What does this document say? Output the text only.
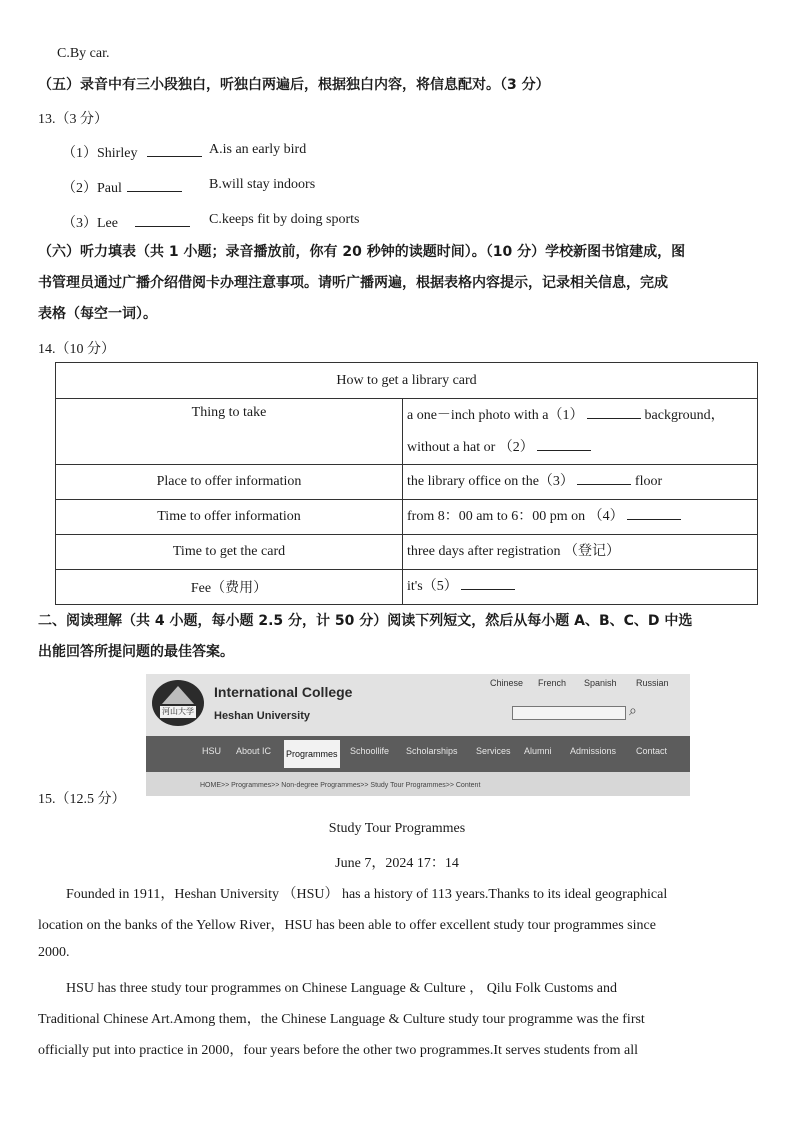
C.By car.
（五）录音中有三小段独白，听独白两遍后，根据独白内容，将信息配对。（3 分）
13.（3 分）
（1）Shirley	A.is an early bird
（2）Paul	B.will stay indoors
（3）Lee	C.keeps fit by doing sports
（六）听力填表（共 1 小题；录音播放前，你有 20 秒钟的读题时间）。（10 分）学校新图书馆建成，图
书管理员通过广播介绍借阅卡办理注意事项。请听广播两遍，根据表格内容提示，记录相关信息，完成
表格（每空一词）。
14.（10 分）
How to get a library card	
Thing to take	a one－inch photo with a（1） background，
without a hat or （2）

Place to offer information	the library office on the（3） floor
Time to offer information	from 8：00 am to 6：00 pm on （4）
Time to get the card	three days after registration （登记）
Fee（费用）	it's（5）
二、阅读理解（共 4 小题，每小题 2.5 分，计 50 分）阅读下列短文，然后从每小题 A、B、C、D 中选
出能回答所提问题的最佳答案。
15.（12.5 分）
河山大学
International College
Heshan University
Chinese French Spanish Russian
⌕
HSU About IC Programmes Schoollife Scholarships Services Alumni Admissions Contact
HOME>> Programmes>> Non-degree Programmes>> Study Tour Programmes>> Content
Study Tour Programmes
June 7，2024 17：14
Founded in 1911，Heshan University （HSU） has a history of 113 years.Thanks to its ideal geographical
location on the banks of the Yellow River，HSU has been able to offer excellent study tour programmes since
2000.
HSU has three study tour programmes on Chinese Language & Culture ， Qilu Folk Customs and
Traditional Chinese Art.Among them，the Chinese Language & Culture study tour programme was the first
officially put into practice in 2000，four years before the other two programmes.It serves students from all
